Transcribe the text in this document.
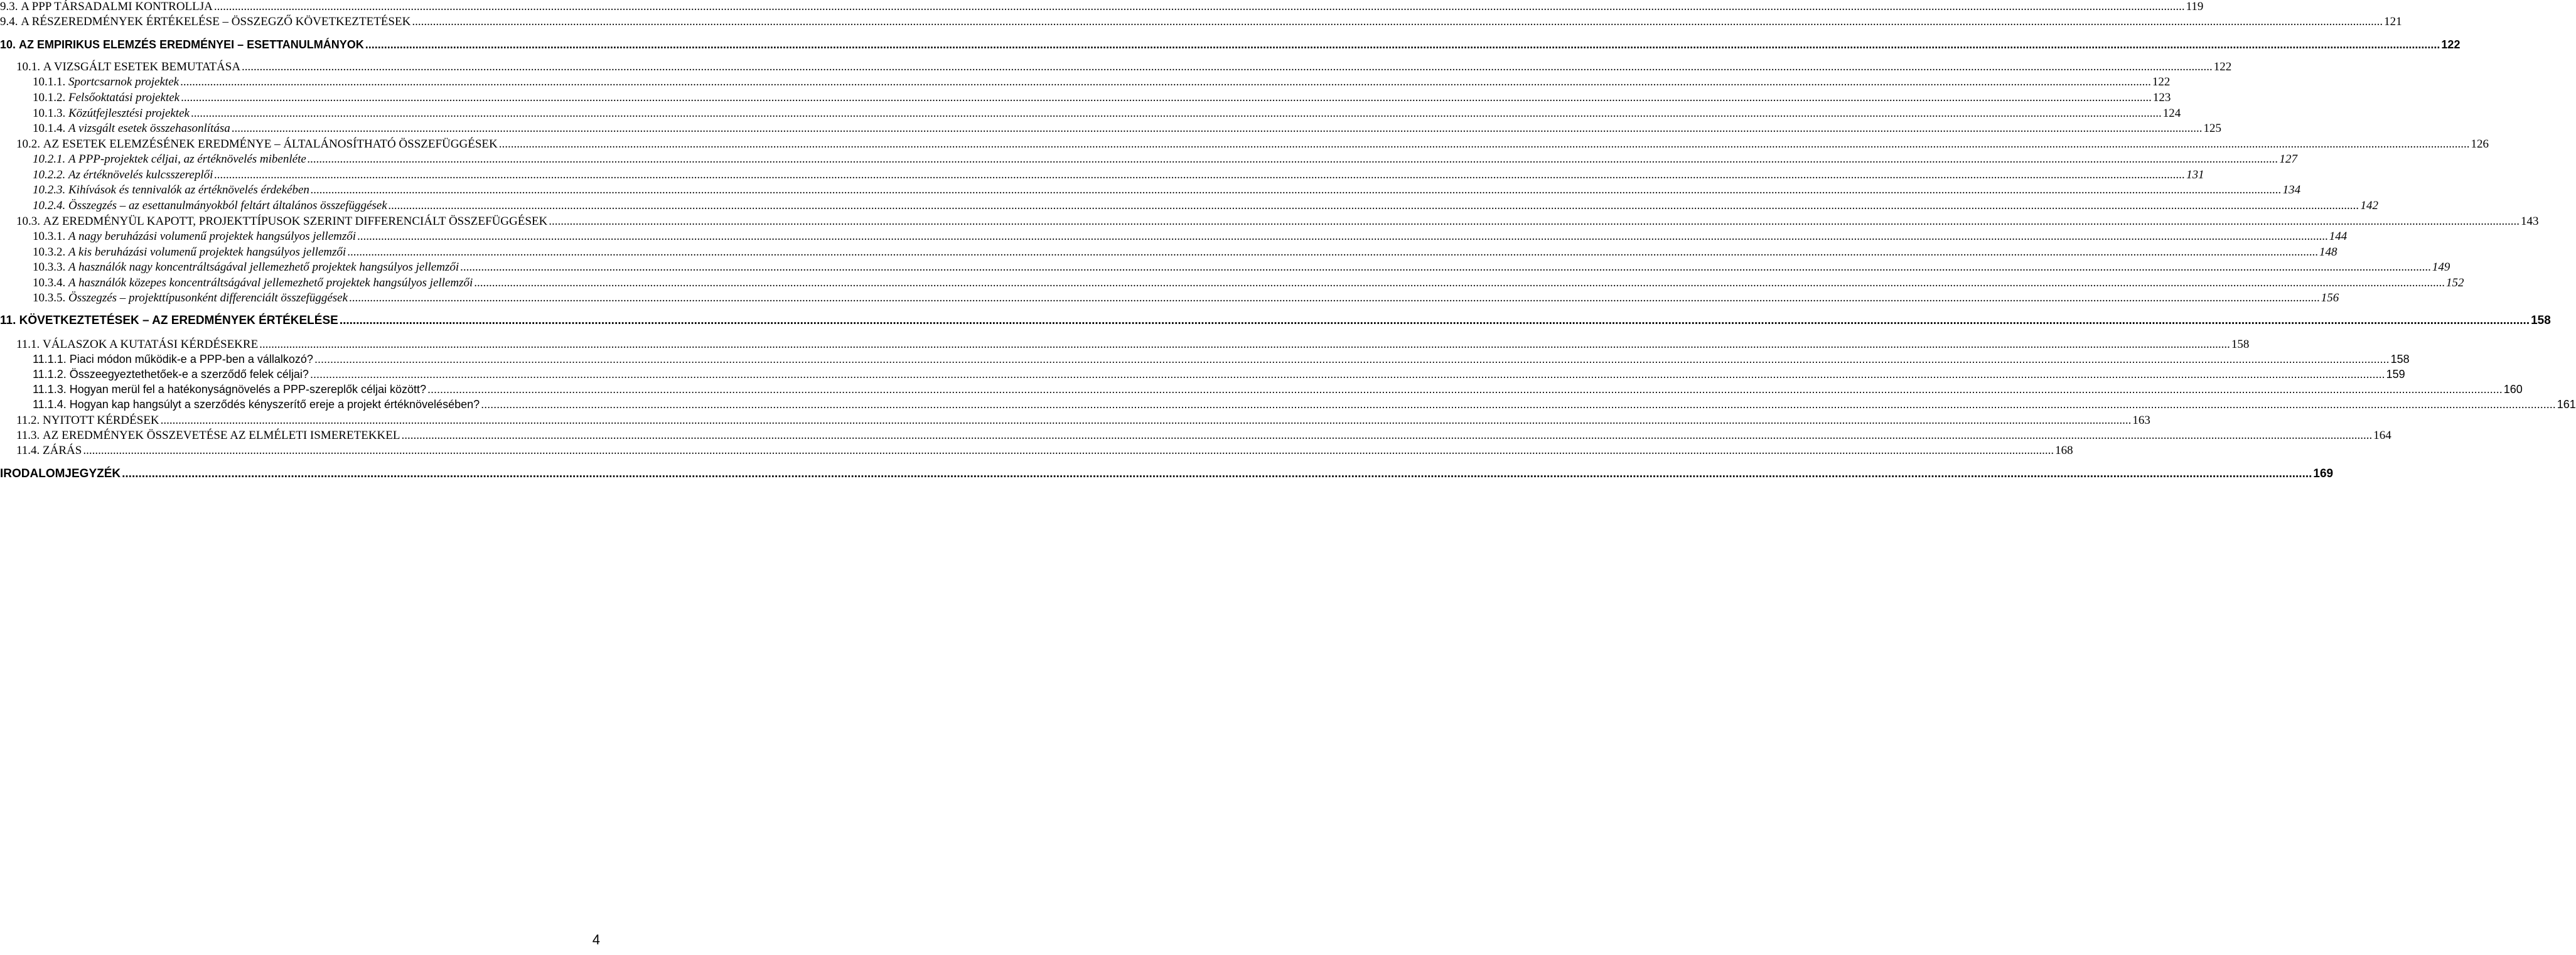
9.3.
A PPP TÁRSADALMI KONTROLLJA .....	119
9.4.
A RÉSZEREDMÉNYEK ÉRTÉKELÉSE – ÖSSZEGZŐ KÖVETKEZTETÉSEK .....	121
10.
AZ EMPIRIKUS ELEMZÉS EREDMÉNYEI – ESETTANULMÁNYOK .....	122
10.1.
A VIZSGÁLT ESETEK BEMUTATÁSA .....	122
10.1.1.
Sportcsarnok projektek .....	122
10.1.2.
Felsőoktatási projektek .....	123
10.1.3.
Közútfejlesztési projektek .....	124
10.1.4.
A vizsgált esetek összehasonlítása .....	125
10.2.
AZ ESETEK ELEMZÉSÉNEK EREDMÉNYE – ÁLTALÁNOSÍTHATÓ ÖSSZEFÜGGÉSEK .....	126
10.2.1.
A PPP-projektek céljai, az értéknövelés mibenléte .....	127
10.2.2.
Az értéknövelés kulcsszereplői .....	131
10.2.3.
Kihívások és tennivalók az értéknövelés érdekében .....	134
10.2.4.
Összegzés – az esettanulmányokból feltárt általános összefüggések .....	142
10.3.
AZ EREDMÉNYÜL KAPOTT, PROJEKTTÍPUSOK SZERINT DIFFERENCIÁLT ÖSSZEFÜGGÉSEK .....	143
10.3.1.
A nagy beruházási volumenű projektek hangsúlyos jellemzői .....	144
10.3.2.
A kis beruházási volumenű projektek hangsúlyos jellemzői .....	148
10.3.3.
A használók nagy koncentráltságával jellemezhető projektek hangsúlyos jellemzői .....	149
10.3.4.
A használók közepes koncentráltságával jellemezhető projektek hangsúlyos jellemzői .....	152
10.3.5.
Összegzés – projekttípusonként differenciált összefüggések .....	156
11.
KÖVETKEZTETÉSEK – AZ EREDMÉNYEK ÉRTÉKELÉSE .....	158
11.1.
VÁLASZOK A KUTATÁSI KÉRDÉSEKRE .....	158
11.1.1.
Piaci módon működik-e a PPP-ben a vállalkozó? .....	158
11.1.2.
Összeegyeztethetőek-e a szerződő felek céljai? .....	159
11.1.3.
Hogyan merül fel a hatékonyságnövelés a PPP-szereplők céljai között? .....	160
11.1.4.
Hogyan kap hangsúlyt a szerződés kényszerítő ereje a projekt értéknövelésében? .....	161
11.2.
NYITOTT KÉRDÉSEK .....	163
11.3.
AZ EREDMÉNYEK ÖSSZEVETÉSE AZ ELMÉLETI ISMERETEKKEL .....	164
11.4.
ZÁRÁS .....	168
IRODALOMJEGYZÉK .....	169
4
